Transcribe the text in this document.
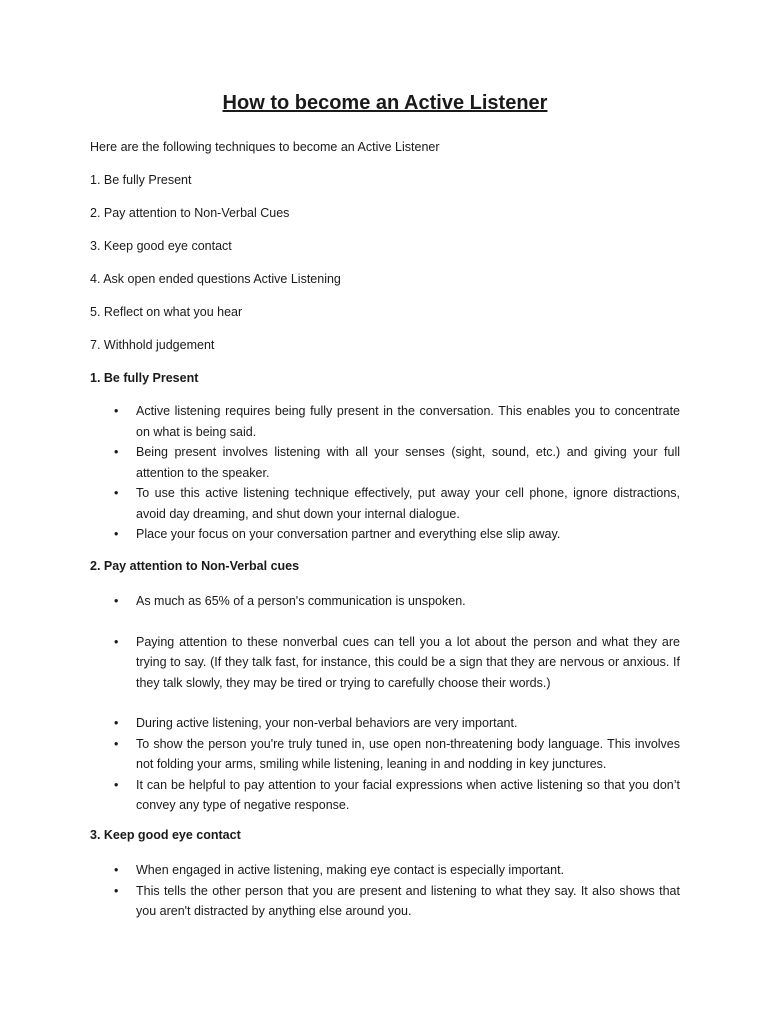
How to become an Active Listener

Here are the following techniques to become an Active Listener

1. Be fully Present

2. Pay attention to Non-Verbal Cues

3. Keep good eye contact

4. Ask open ended questions Active Listening

5. Reflect on what you hear

7. Withhold judgement

1. Be fully Present

• Active listening requires being fully present in the conversation. This enables you to concentrate on what is being said.
• Being present involves listening with all your senses (sight, sound, etc.) and giving your full attention to the speaker.
• To use this active listening technique effectively, put away your cell phone, ignore distractions, avoid day dreaming, and shut down your internal dialogue.
• Place your focus on your conversation partner and everything else slip away.

2. Pay attention to Non-Verbal cues

• As much as 65% of a person's communication is unspoken.
• Paying attention to these nonverbal cues can tell you a lot about the person and what they are trying to say. (If they talk fast, for instance, this could be a sign that they are nervous or anxious. If they talk slowly, they may be tired or trying to carefully choose their words.)
• During active listening, your non-verbal behaviors are very important.
• To show the person you're truly tuned in, use open non-threatening body language. This involves not folding your arms, smiling while listening, leaning in and nodding in key junctures.
• It can be helpful to pay attention to your facial expressions when active listening so that you don’t convey any type of negative response.

3. Keep good eye contact

• When engaged in active listening, making eye contact is especially important.
• This tells the other person that you are present and listening to what they say. It also shows that you aren't distracted by anything else around you.
